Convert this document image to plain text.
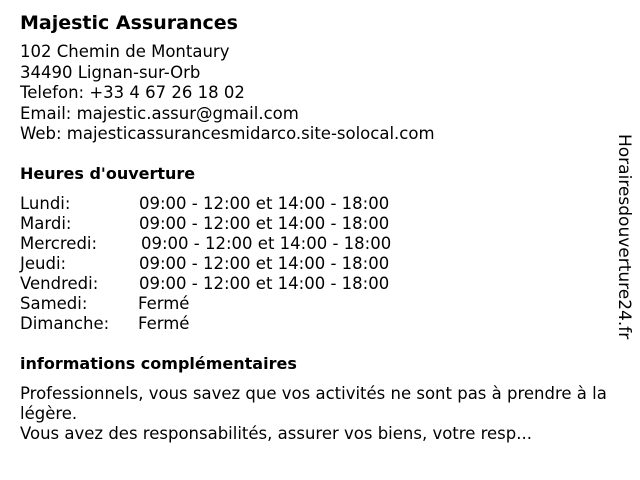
Majestic Assurances
102 Chemin de Montaury
34490 Lignan-sur-Orb
Telefon: +33 4 67 26 18 02
Email: majestic.assur@gmail.com
Web: majesticassurancesmidarco.site-solocal.com
Heures d'ouverture
Lundi:	09:00 - 12:00 et 14:00 - 18:00
Mardi:	09:00 - 12:00 et 14:00 - 18:00
Mercredi:	09:00 - 12:00 et 14:00 - 18:00
Jeudi:	09:00 - 12:00 et 14:00 - 18:00
Vendredi: 09:00 - 12:00 et 14:00 - 18:00
Samedi:	Fermé
Dimanche: Fermé
informations complémentaires
Professionnels, vous savez que vos activités ne sont pas à prendre à la légère.
Vous avez des responsabilités, assurer vos biens, votre resp...
Horairesdouverture24.fr
